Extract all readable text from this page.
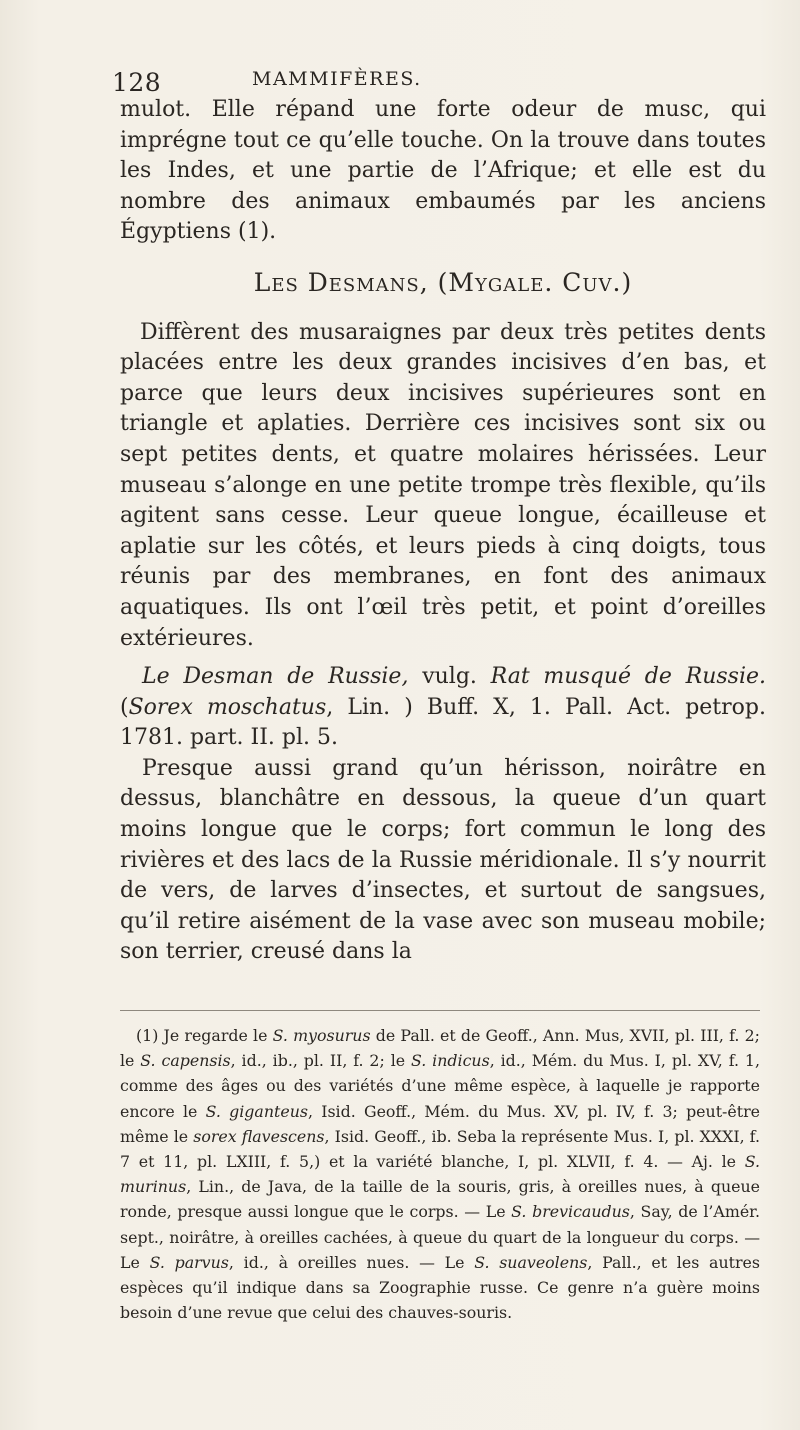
128	MAMMIFÈRES.

mulot. Elle répand une forte odeur de musc, qui imprégne tout ce qu’elle touche. On la trouve dans toutes les Indes, et une partie de l’Afrique; et elle est du nombre des animaux embaumés par les anciens Égyptiens (1).

Les Desmans, (Mygale. Cuv.)

Diffèrent des musaraignes par deux très petites dents placées entre les deux grandes incisives d’en bas, et parce que leurs deux incisives supérieures sont en triangle et aplaties. Derrière ces incisives sont six ou sept petites dents, et quatre molaires hérissées. Leur museau s’alonge en une petite trompe très flexible, qu’ils agitent sans cesse. Leur queue longue, écailleuse et aplatie sur les côtés, et leurs pieds à cinq doigts, tous réunis par des membranes, en font des animaux aquatiques. Ils ont l’œil très petit, et point d’oreilles extérieures.

Le Desman de Russie, vulg. Rat musqué de Russie. (Sorex moschatus, Lin. ) Buff. X, 1. Pall. Act. petrop. 1781. part. II. pl. 5.

Presque aussi grand qu’un hérisson, noirâtre en dessus, blanchâtre en dessous, la queue d’un quart moins longue que le corps; fort commun le long des rivières et des lacs de la Russie méridionale. Il s’y nourrit de vers, de larves d’insectes, et surtout de sangsues, qu’il retire aisément de la vase avec son museau mobile; son terrier, creusé dans la

(1) Je regarde le S. myosurus de Pall. et de Geoff., Ann. Mus, XVII, pl. III, f. 2; le S. capensis, id., ib., pl. II, f. 2; le S. indicus, id., Mém. du Mus. I, pl. XV, f. 1, comme des âges ou des variétés d’une même espèce, à laquelle je rapporte encore le S. giganteus, Isid. Geoff., Mém. du Mus. XV, pl. IV, f. 3; peut-être même le sorex flavescens, Isid. Geoff., ib. Seba la représente Mus. I, pl. XXXI, f. 7 et 11, pl. LXIII, f. 5,) et la variété blanche, I, pl. XLVII, f. 4. — Aj. le S. murinus, Lin., de Java, de la taille de la souris, gris, à oreilles nues, à queue ronde, presque aussi longue que le corps. — Le S. brevicaudus, Say, de l’Amér. sept., noirâtre, à oreilles cachées, à queue du quart de la longueur du corps. — Le S. parvus, id., à oreilles nues. — Le S. suaveolens, Pall., et les autres espèces qu’il indique dans sa Zoographie russe. Ce genre n’a guère moins besoin d’une revue que celui des chauves-souris.
